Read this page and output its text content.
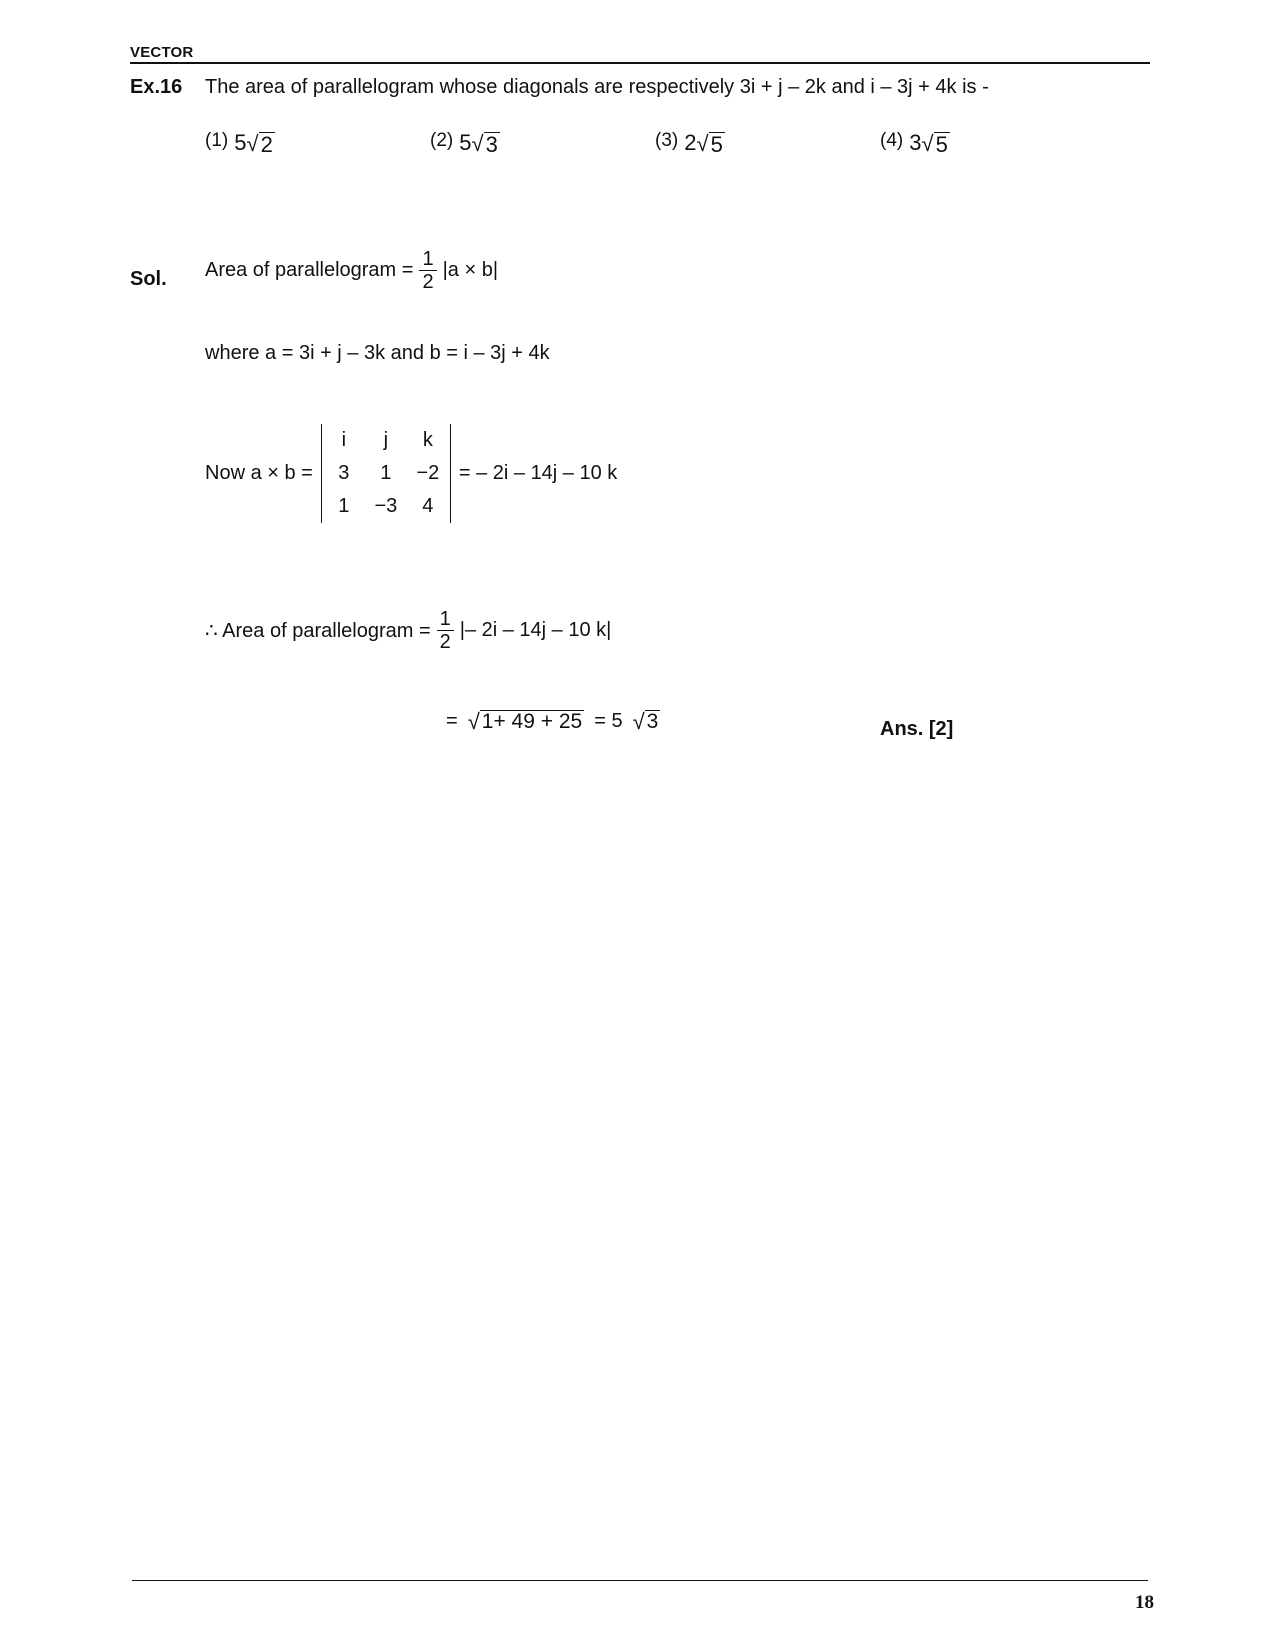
VECTOR
Ex.16 The area of parallelogram whose diagonals are respectively 3i + j – 2k and i – 3j + 4k is -
(1) 5 √ 2	(2) 5 √ 3	(3) 2 √ 5	(4) 3 √ 5
Sol. Area of parallelogram = $\frac{1}{2} |a \times b|$
where a = 3i + j – 3k and b = i – 3j + 4k
Now a × b =
i j k
3 1 −2
1 −3 4
= – 2i – 14j – 10 k
∴ Area of parallelogram = $\frac{1}{2}$ |– 2i – 14j – 10 k|
= √ 1+ 49 + 25 = 5 √ 3	Ans. [2]
18
